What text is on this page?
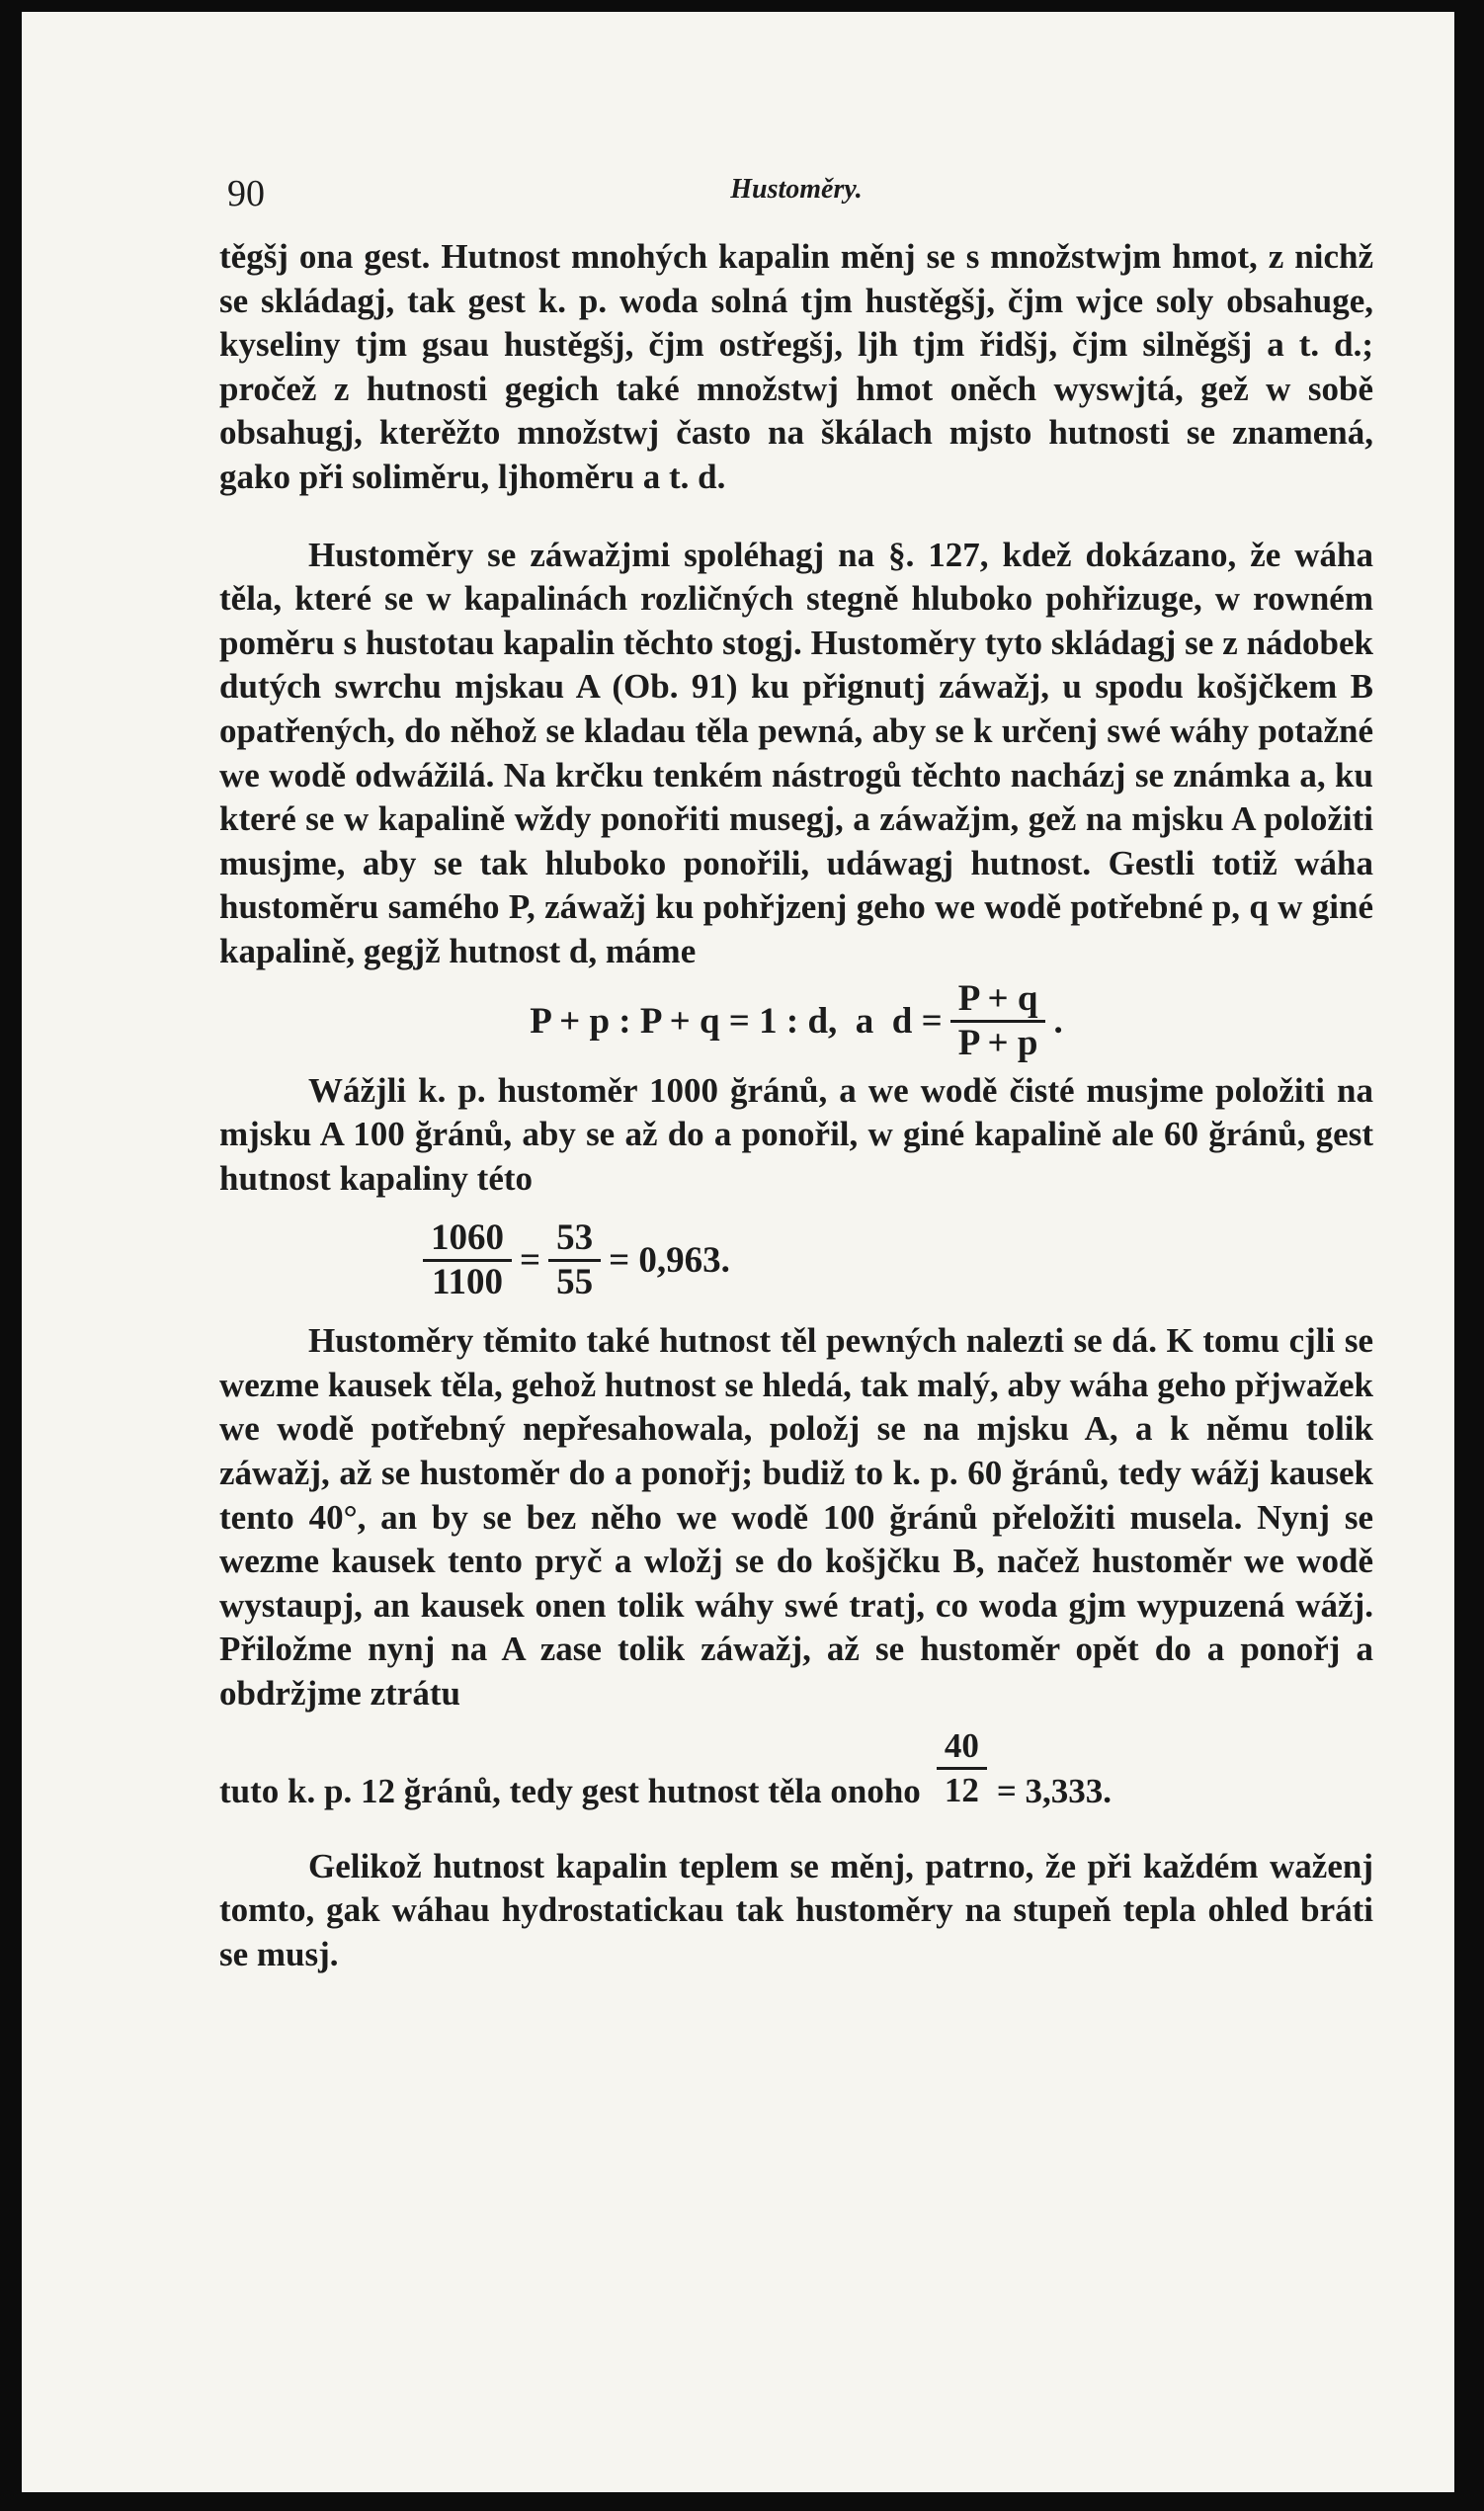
90	Hustoměry.

těgšj ona gest. Hutnost mnohých kapalin měnj se s množstwjm hmot, z nichž se skládagj, tak gest k. p. woda solná tjm hustěgšj, čjm wjce soly obsahuge, kyseliny tjm gsau hustěgšj, čjm ostřegšj, ljh tjm řidšj, čjm silněgšj a t. d.; pročež z hutnosti gegich také množstwj hmot oněch wyswjtá, gež w sobě obsahugj, kterěžto množstwj často na škálach mjsto hutnosti se znamená, gako při soliměru, ljhoměru a t. d.

Hustoměry se záwažjmi spoléhagj na §. 127, kdež dokázano, že wáha těla, které se w kapalinách rozličných stegně hluboko pohřizuge, w rowném poměru s hustotau kapalin těchto stogj. Hustoměry tyto skládagj se z nádobek dutých swrchu mjskau A (Ob. 91) ku přignutj záwažj, u spodu košjčkem B opatřených, do něhož se kladau těla pewná, aby se k určenj swé wáhy potažné we wodě odwážilá. Na krčku tenkém nástrogů těchto nacházj se známka a, ku které se w kapalině wždy ponořiti musegj, a záwažjm, gež na mjsku A položiti musjme, aby se tak hluboko ponořili, udáwagj hutnost. Gestli totiž wáha hustoměru samého P, záwažj ku pohřjzenj geho we wodě potřebné p, q w giné kapalině, gegjž hutnost d, máme

P + p : P + q = 1 : d,  a  $d = \frac{P + q}{P + p}$ .

Wážjli k. p. hustoměr 1000 ğránů, a we wodě čisté musjme položiti na mjsku A 100 ğránů, aby se až do a ponořil, w giné kapalině ale 60 ğránů, gest hutnost kapaliny této

$\frac{1060}{1100} = \frac{53}{55} = 0,963$.

Hustoměry těmito také hutnost těl pewných nalezti se dá. K tomu cjli se wezme kausek těla, gehož hutnost se hledá, tak malý, aby wáha geho přjwažek we wodě potřebný nepřesahowala, položj se na mjsku A, a k němu tolik záwažj, až se hustoměr do a ponořj; budiž to k. p. 60 ğránů, tedy wážj kausek tento 40°, an by se bez něho we wodě 100 ğránů přeložiti musela. Nynj se wezme kausek tento pryč a wložj se do košjčku B, načež hustoměr we wodě wystaupj, an kausek onen tolik wáhy swé tratj, co woda gjm wypuzená wážj. Přiložme nynj na A zase tolik záwažj, až se hustoměr opět do a ponořj a obdržjme ztrátu

tuto k. p. 12 ğránů, tedy gest hutnost těla onoho $\frac{40}{12} = 3,333$.

Gelikož hutnost kapalin teplem se měnj, patrno, že při každém waženj tomto, gak wáhau hydrostatickau tak hustoměry na stupeň tepla ohled bráti se musj.
